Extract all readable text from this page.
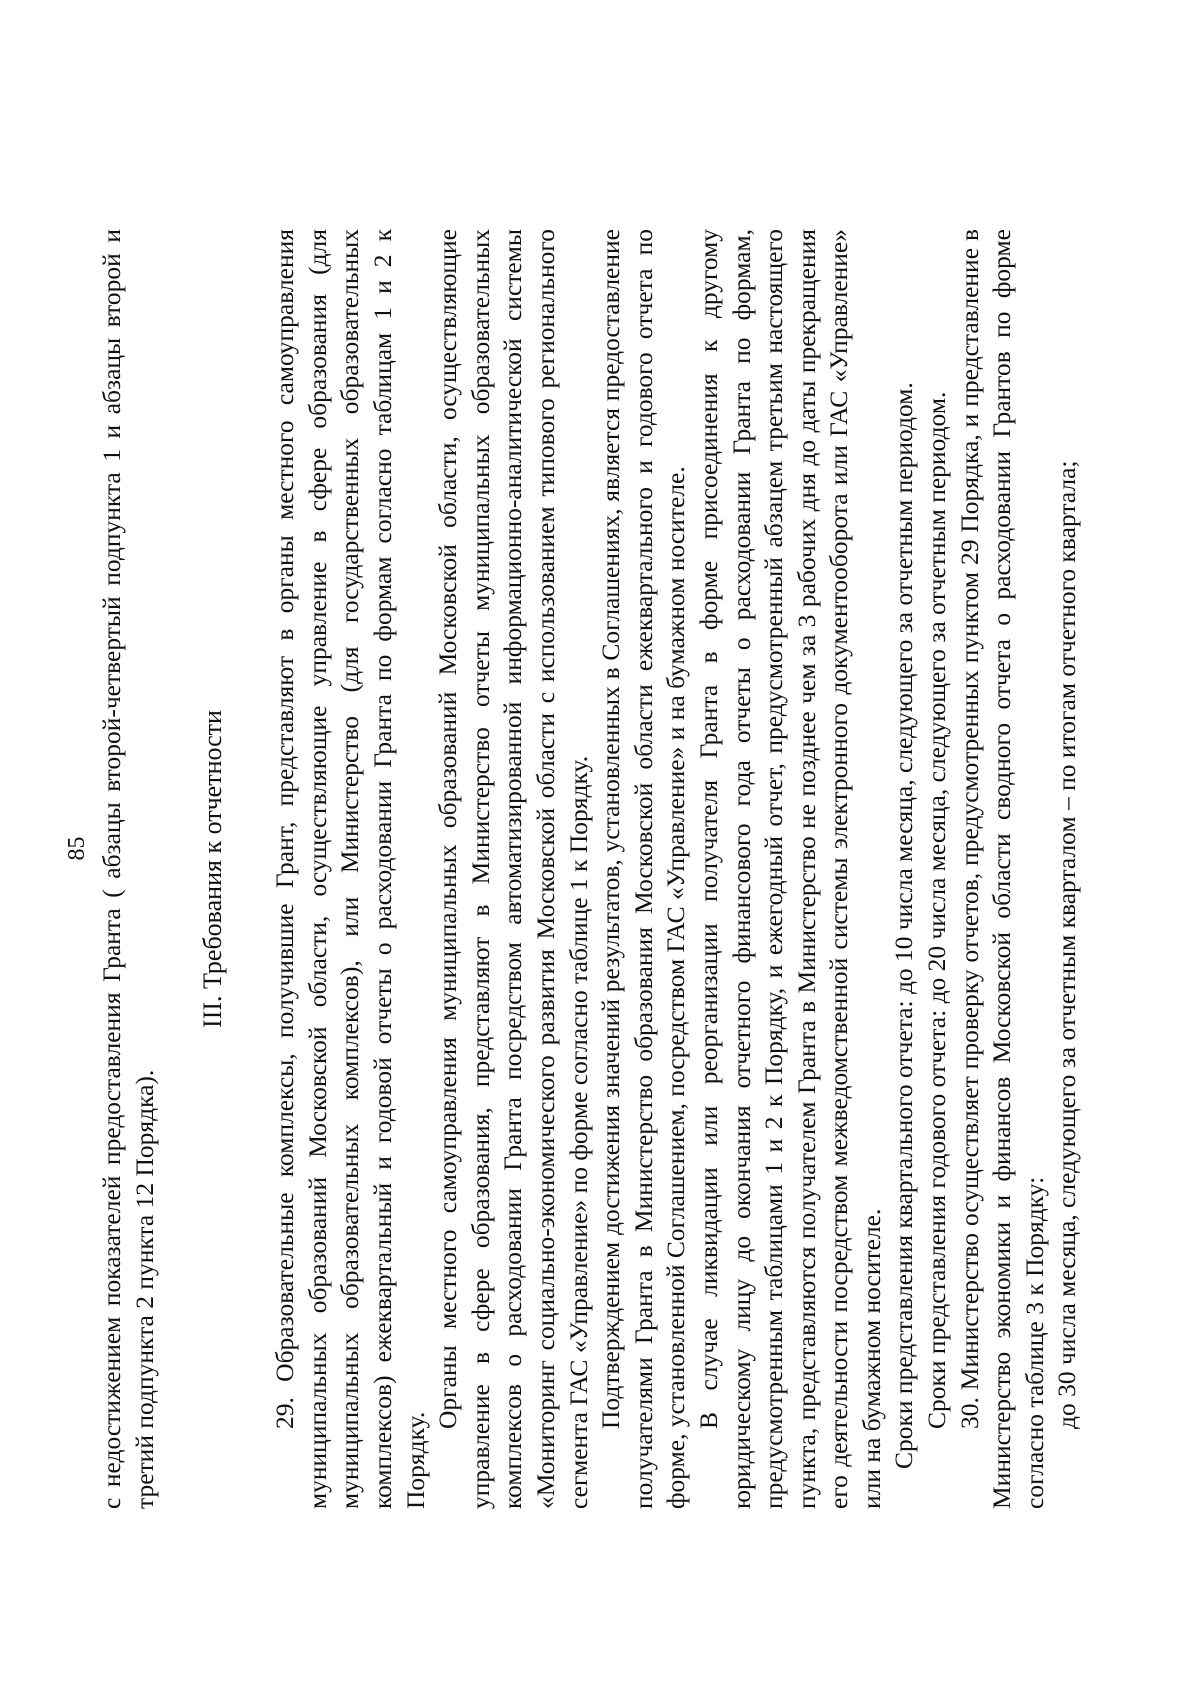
85 с недостижением показателей предоставления Гранта ( абзацы второй-четвертый подпункта 1 и абзацы второй и третий подпункта 2 пункта 12 Порядка).

III. Требования к отчетности 29. Образовательные комплексы, получившие Грант, представляют в органы местного самоуправления муниципальных образований Московской области, осуществляющие управление в сфере образования (для муниципальных образовательных комплексов), или Министерство (для государственных образовательных комплексов) ежеквартальный и годовой отчеты о расходовании Гранта по формам согласно таблицам 1 и 2 к Порядку.

Органы местного самоуправления муниципальных образований Московской области, осуществляющие управление в сфере образования, представляют в Министерство отчеты муниципальных образовательных комплексов о расходовании Гранта посредством автоматизированной информационно-аналитической системы «Мониторинг социально-экономического развития Московской области с использованием типового регионального сегмента ГАС «Управление» по форме согласно таблице 1 к Порядку. Подтверждением достижения значений результатов, установленных в Соглашениях, является предоставление получателями Гранта в Министерство образования Московской области ежеквартального и годового отчета по форме, установленной Соглашением, посредством ГАС «Управление» и на бумажном носителе. В случае ликвидации или реорганизации получателя Гранта в форме присоединения к другому юридическому лицу до окончания отчетного финансового года отчеты о расходовании Гранта по формам, предусмотренным таблицами 1 и 2 к Порядку, и ежегодный отчет, предусмотренный абзацем третьим настоящего пункта, представляются получателем Гранта в Министерство не позднее чем за 3 рабочих дня до даты прекращения его деятельности посредством межведомственной системы электронного документооборота или ГАС «Управление» или на бумажном носителе. Сроки представления квартального отчета: до 10 числа месяца, следующего за отчетным периодом. Сроки представления годового отчета: до 20 числа месяца, следующего за отчетным периодом. 30. Министерство осуществляет проверку отчетов, предусмотренных пунктом 29 Порядка, и представление в Министерство экономики и финансов Московской области сводного отчета о расходовании Грантов по форме согласно таблице 3 к Порядку: до 30 числа месяца, следующего за отчетным кварталом – по итогам отчетного квартала;
